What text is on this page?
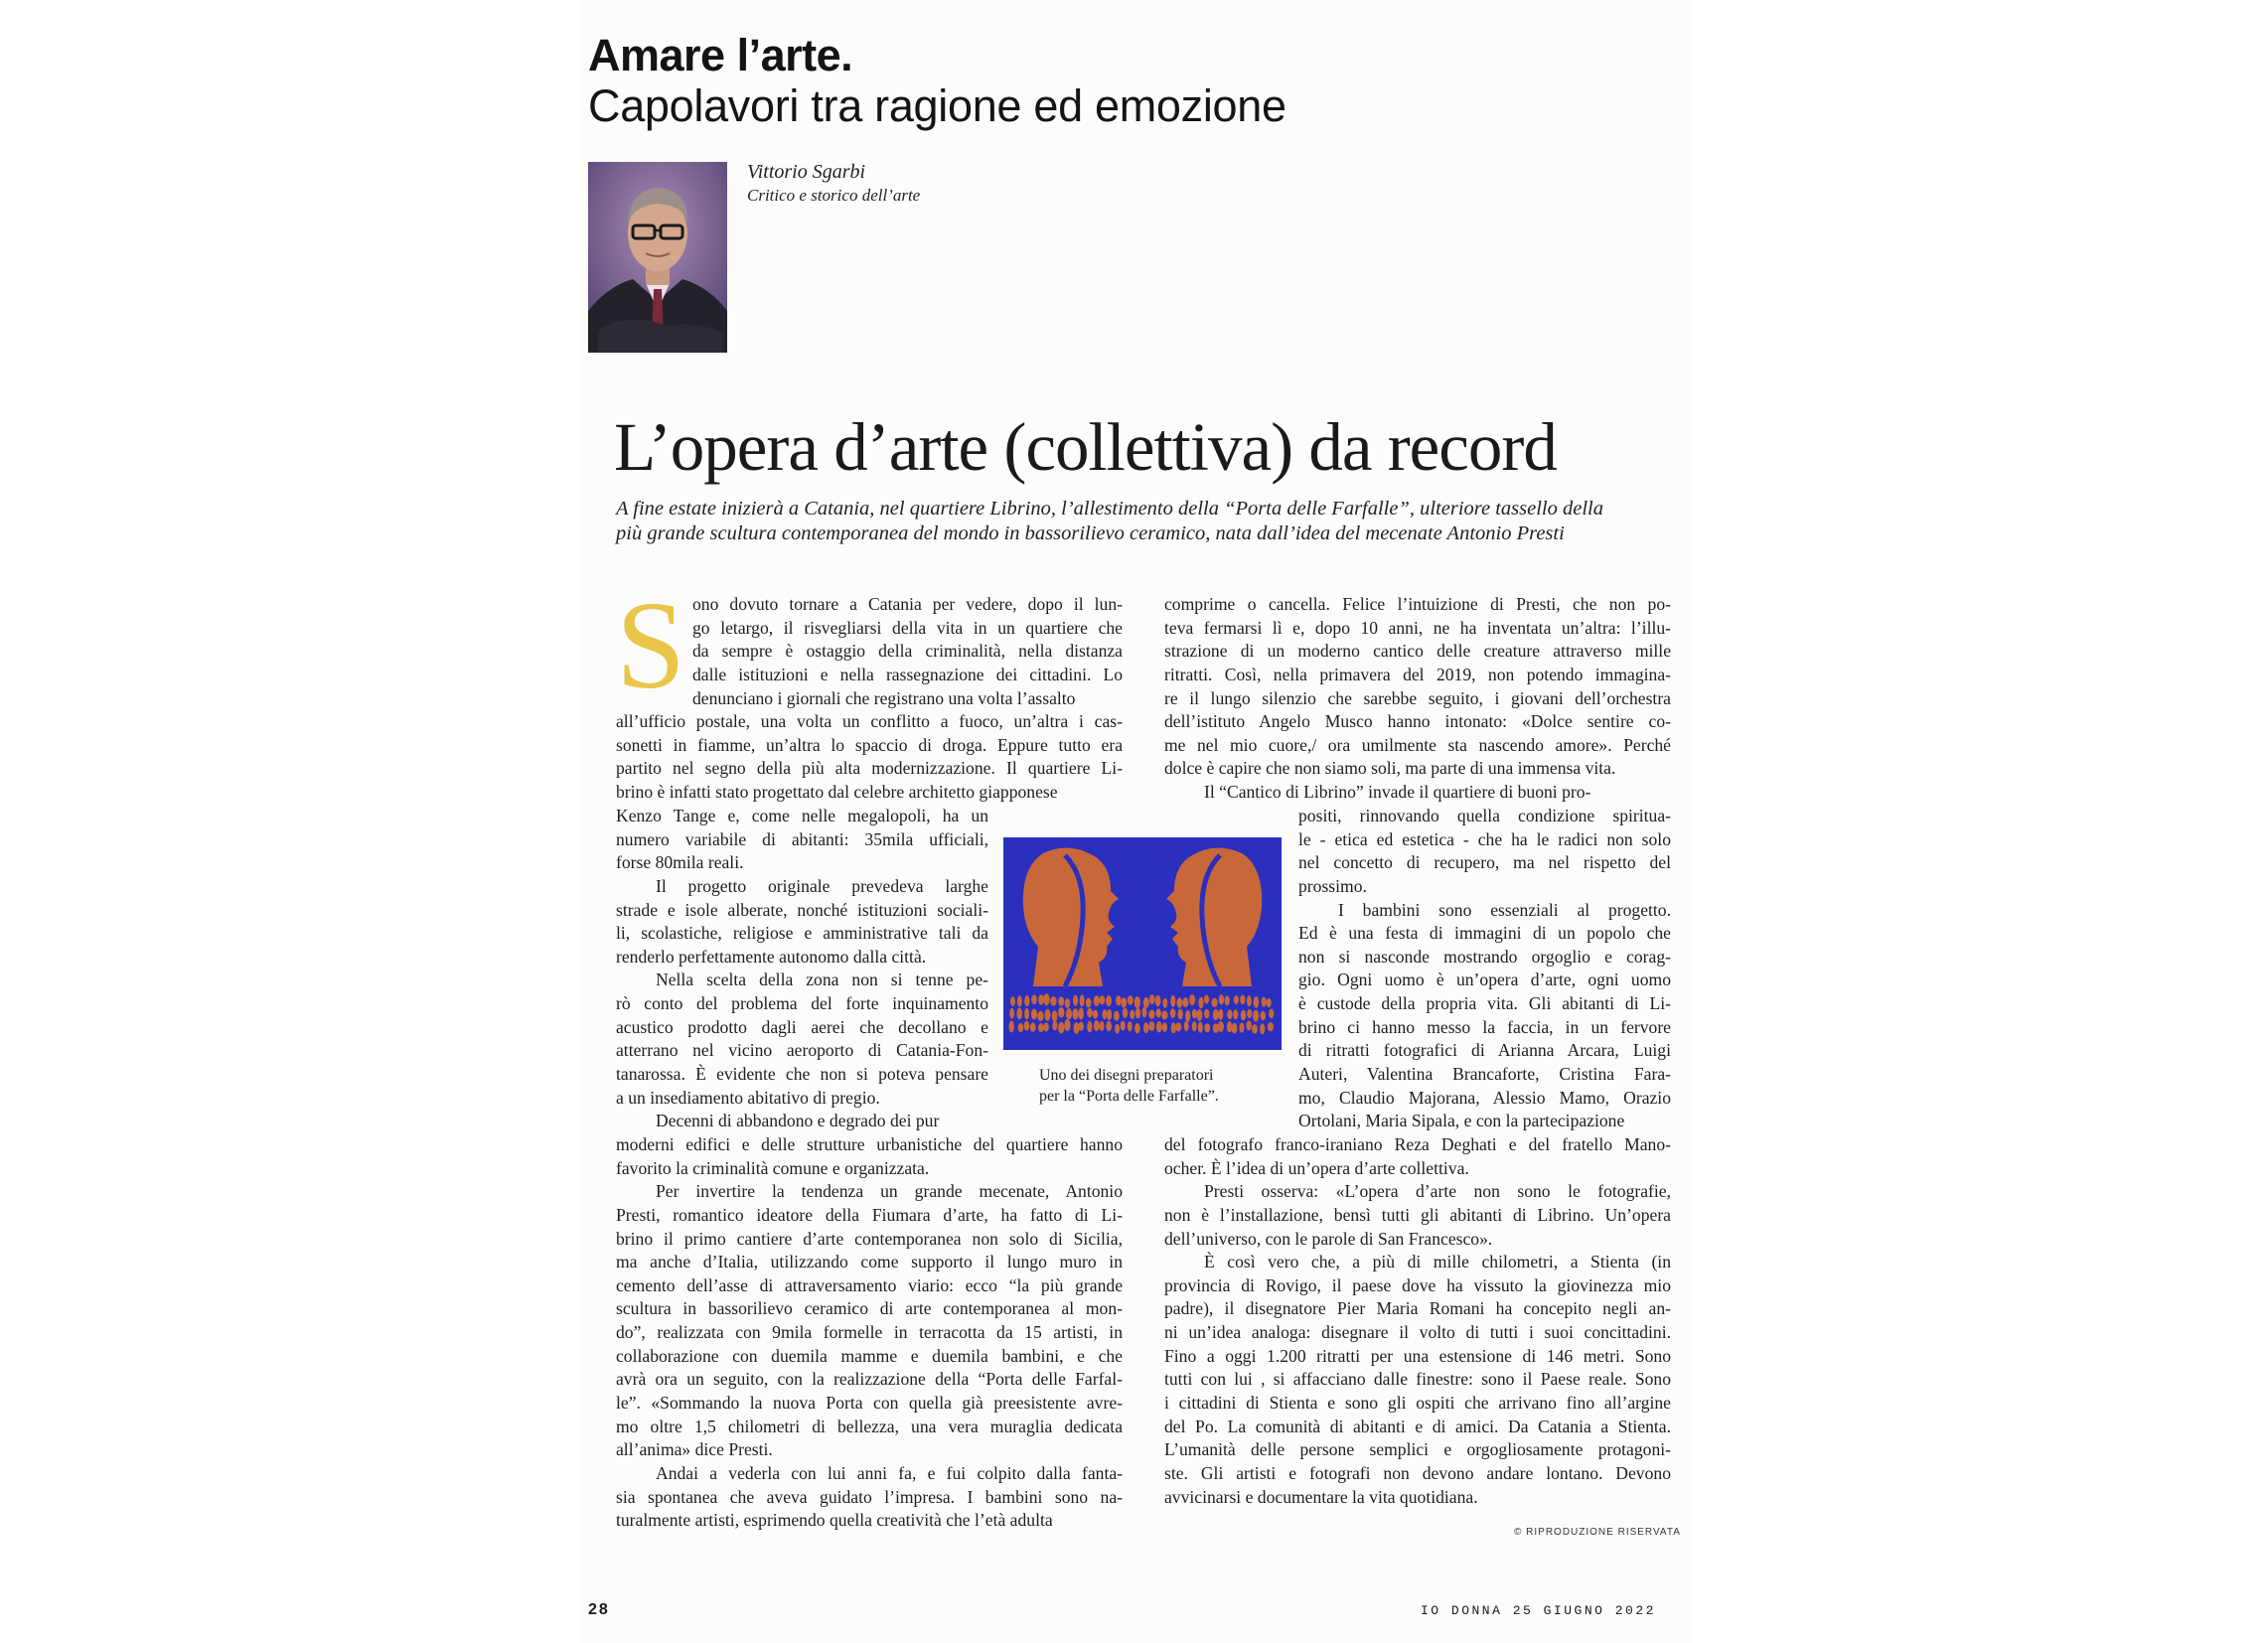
Amare l’arte.
Capolavori tra ragione ed emozione
Vittorio Sgarbi
Critico e storico dell’arte
L’opera d’arte (collettiva) da record
A fine estate inizierà a Catania, nel quartiere Librino, l’allestimento della “Porta delle Farfalle”, ulteriore tassello della
più grande scultura contemporanea del mondo in bassorilievo ceramico, nata dall’idea del mecenate Antonio Presti
S ono dovuto tornare a Catania per vedere, dopo il lun-
go letargo, il risvegliarsi della vita in un quartiere che
da sempre è ostaggio della criminalità, nella distanza
dalle istituzioni e nella rassegnazione dei cittadini. Lo
denunciano i giornali che registrano una volta l’assalto
all’ufficio postale, una volta un conflitto a fuoco, un’altra i cas-
sonetti in fiamme, un’altra lo spaccio di droga. Eppure tutto era
partito nel segno della più alta modernizzazione. Il quartiere Li-
brino è infatti stato progettato dal celebre architetto giapponese
Kenzo Tange e, come nelle megalopoli, ha un
numero variabile di abitanti: 35mila ufficiali,
forse 80mila reali.
Il progetto originale prevedeva larghe
strade e isole alberate, nonché istituzioni sociali-
li, scolastiche, religiose e amministrative tali da
renderlo perfettamente autonomo dalla città.
Nella scelta della zona non si tenne pe-
rò conto del problema del forte inquinamento
acustico prodotto dagli aerei che decollano e
atterrano nel vicino aeroporto di Catania-Fon-
tanarossa. È evidente che non si poteva pensare
a un insediamento abitativo di pregio.
Decenni di abbandono e degrado dei pur
moderni edifici e delle strutture urbanistiche del quartiere hanno
favorito la criminalità comune e organizzata.
Per invertire la tendenza un grande mecenate, Antonio
Presti, romantico ideatore della Fiumara d’arte, ha fatto di Li-
brino il primo cantiere d’arte contemporanea non solo di Sicilia,
ma anche d’Italia, utilizzando come supporto il lungo muro in
cemento dell’asse di attraversamento viario: ecco “la più grande
scultura in bassorilievo ceramico di arte contemporanea al mon-
do”, realizzata con 9mila formelle in terracotta da 15 artisti, in
collaborazione con duemila mamme e duemila bambini, e che
avrà ora un seguito, con la realizzazione della “Porta delle Farfal-
le”. «Sommando la nuova Porta con quella già preesistente avre-
mo oltre 1,5 chilometri di bellezza, una vera muraglia dedicata
all’anima» dice Presti.
Andai a vederla con lui anni fa, e fui colpito dalla fanta-
sia spontanea che aveva guidato l’impresa. I bambini sono na-
turalmente artisti, esprimendo quella creatività che l’età adulta
comprime o cancella. Felice l’intuizione di Presti, che non po-
teva fermarsi lì e, dopo 10 anni, ne ha inventata un’altra: l’illu-
strazione di un moderno cantico delle creature attraverso mille
ritratti. Così, nella primavera del 2019, non potendo immagina-
re il lungo silenzio che sarebbe seguito, i giovani dell’orchestra
dell’istituto Angelo Musco hanno intonato: «Dolce sentire co-
me nel mio cuore,/ ora umilmente sta nascendo amore». Perché
dolce è capire che non siamo soli, ma parte di una immensa vita.
Il “Cantico di Librino” invade il quartiere di buoni pro-
positi, rinnovando quella condizione spiritua-
le - etica ed estetica - che ha le radici non solo
nel concetto di recupero, ma nel rispetto del
prossimo.
I bambini sono essenziali al progetto.
Ed è una festa di immagini di un popolo che
non si nasconde mostrando orgoglio e corag-
gio. Ogni uomo è un’opera d’arte, ogni uomo
è custode della propria vita. Gli abitanti di Li-
brino ci hanno messo la faccia, in un fervore
di ritratti fotografici di Arianna Arcara, Luigi
Auteri, Valentina Brancaforte, Cristina Fara-
mo, Claudio Majorana, Alessio Mamo, Orazio
Ortolani, Maria Sipala, e con la partecipazione
del fotografo franco-iraniano Reza Deghati e del fratello Mano-
ocher. È l’idea di un’opera d’arte collettiva.
Presti osserva: «L’opera d’arte non sono le fotografie,
non è l’installazione, bensì tutti gli abitanti di Librino. Un’opera
dell’universo, con le parole di San Francesco».
È così vero che, a più di mille chilometri, a Stienta (in
provincia di Rovigo, il paese dove ha vissuto la giovinezza mio
padre), il disegnatore Pier Maria Romani ha concepito negli an-
ni un’idea analoga: disegnare il volto di tutti i suoi concittadini.
Fino a oggi 1.200 ritratti per una estensione di 146 metri. Sono
tutti con lui , si affacciano dalle finestre: sono il Paese reale. Sono
i cittadini di Stienta e sono gli ospiti che arrivano fino all’argine
del Po. La comunità di abitanti e di amici. Da Catania a Stienta.
L’umanità delle persone semplici e orgogliosamente protagoni-
ste. Gli artisti e fotografi non devono andare lontano. Devono
avvicinarsi e documentare la vita quotidiana.
Uno dei disegni preparatori
per la “Porta delle Farfalle”.
© RIPRODUZIONE RISERVATA
28	IO DONNA 25 GIUGNO 2022
